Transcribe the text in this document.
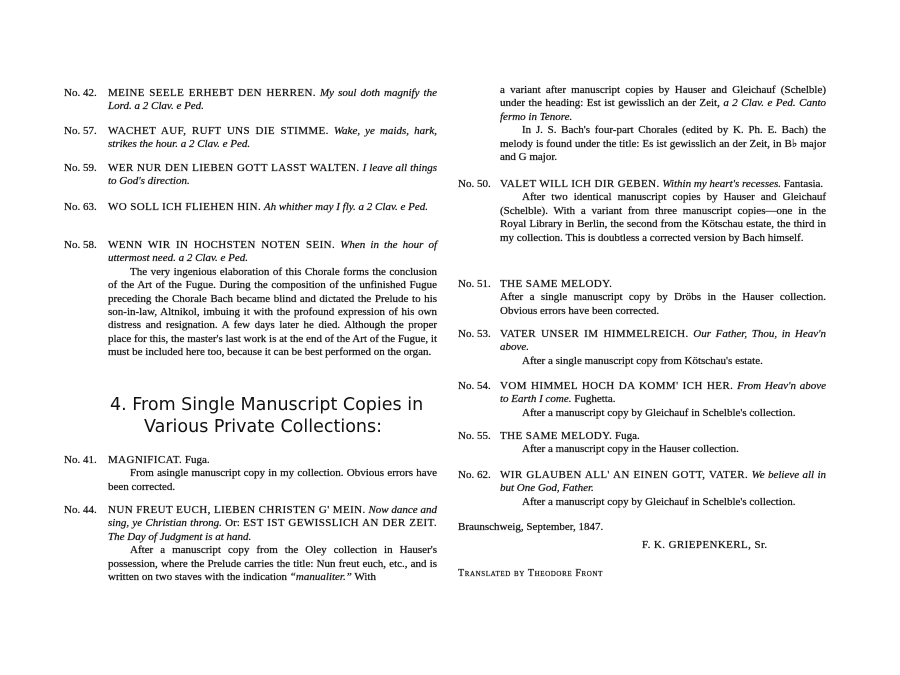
No. 42. MEINE SEELE ERHEBT DEN HERREN. My soul doth magnify the Lord. a 2 Clav. e Ped.
No. 57. WACHET AUF, RUFT UNS DIE STIMME. Wake, ye maids, hark, strikes the hour. a 2 Clav. e Ped.
No. 59. WER NUR DEN LIEBEN GOTT LASST WALTEN. I leave all things to God's direction.
No. 63. WO SOLL ICH FLIEHEN HIN. Ah whither may I fly. a 2 Clav. e Ped.
No. 58. WENN WIR IN HOCHSTEN NOTEN SEIN. When in the hour of uttermost need. a 2 Clav. e Ped.

The very ingenious elaboration of this Chorale forms the conclusion of the Art of the Fugue. During the composition of the unfinished Fugue preceding the Chorale Bach became blind and dictated the Prelude to his son-in-law, Altnikol, imbuing it with the profound expression of his own distress and resignation. A few days later he died. Although the proper place for this, the master's last work is at the end of the Art of the Fugue, it must be included here too, because it can be best performed on the organ.

4. From Single Manuscript Copies in
Various Private Collections:
No. 41. MAGNIFICAT. Fuga.

From asingle manuscript copy in my collection. Obvious errors have been corrected.

No. 44. NUN FREUT EUCH, LIEBEN CHRISTEN G' MEIN. Now dance and sing, ye Christian throng. Or: EST IST GEWISSLICH AN DER ZEIT. The Day of Judgment is at hand.

After a manuscript copy from the Oley collection in Hauser's possession, where the Prelude carries the title: Nun freut euch, etc., and is written on two staves with the indication “manualiter.” With

a variant after manuscript copies by Hauser and Gleichauf (Schelble) under the heading: Est ist gewisslich an der Zeit, a 2 Clav. e Ped. Canto fermo in Tenore.

In J. S. Bach's four-part Chorales (edited by K. Ph. E. Bach) the melody is found under the title: Es ist gewisslich an der Zeit, in B♭ major and G major.

No. 50. VALET WILL ICH DIR GEBEN. Within my heart's recesses. Fantasia.

After two identical manuscript copies by Hauser and Gleichauf (Schelble). With a variant from three manuscript copies—one in the Royal Library in Berlin, the second from the Kötschau estate, the third in my collection. This is doubtless a corrected version by Bach himself.

No. 51. THE SAME MELODY.

After a single manuscript copy by Dröbs in the Hauser collection. Obvious errors have been corrected.

No. 53. VATER UNSER IM HIMMELREICH. Our Father, Thou, in Heav'n above.

After a single manuscript copy from Kötschau's estate.

No. 54. VOM HIMMEL HOCH DA KOMM' ICH HER. From Heav'n above to Earth I come. Fughetta.

After a manuscript copy by Gleichauf in Schelble's collection.

No. 55. THE SAME MELODY. Fuga.

After a manuscript copy in the Hauser collection.

No. 62. WIR GLAUBEN ALL' AN EINEN GOTT, VATER. We believe all in but One God, Father.

After a manuscript copy by Gleichauf in Schelble's collection.

Braunschweig, September, 1847.
F. K. GRIEPENKERL, Sr.
Translated by Theodore Front
